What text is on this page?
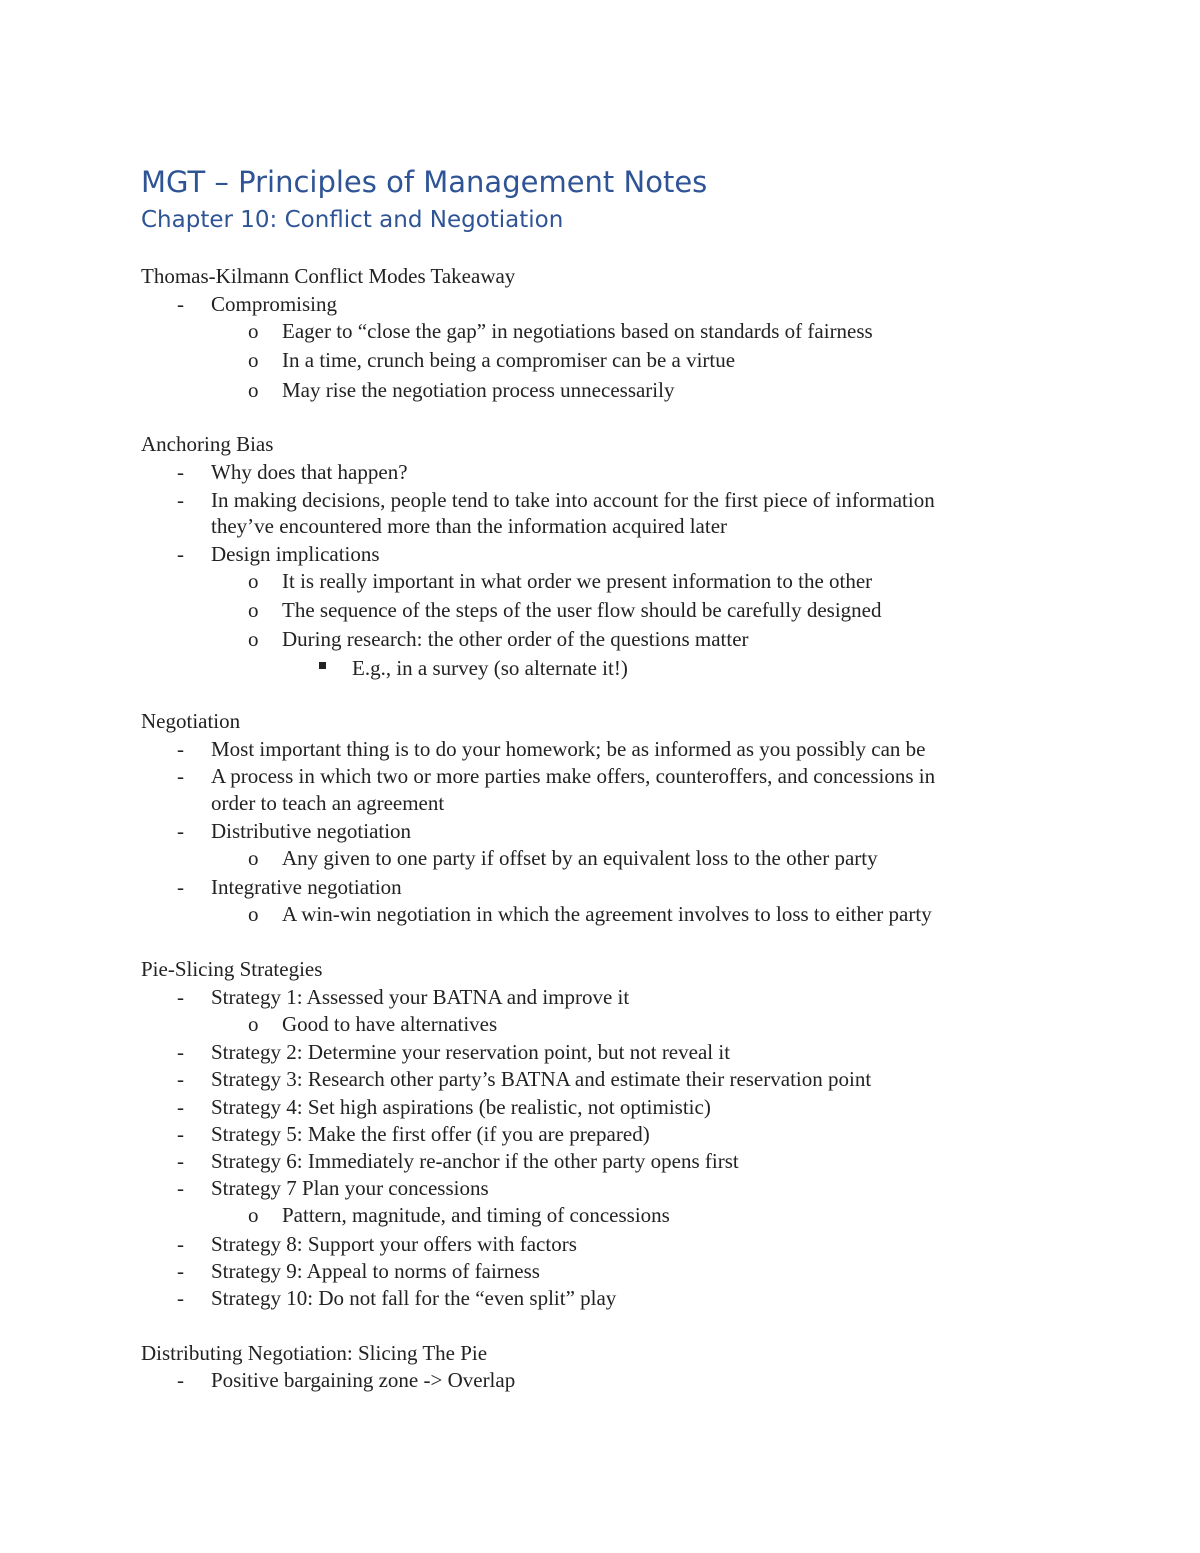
MGT – Principles of Management Notes
Chapter 10: Conflict and Negotiation
Thomas-Kilmann Conflict Modes Takeaway
- Compromising
o Eager to “close the gap” in negotiations based on standards of fairness
o In a time, crunch being a compromiser can be a virtue
o May rise the negotiation process unnecessarily
Anchoring Bias
- Why does that happen?
- In making decisions, people tend to take into account for the first piece of information
they’ve encountered more than the information acquired later
- Design implications
o It is really important in what order we present information to the other
o The sequence of the steps of the user flow should be carefully designed
o During research: the other order of the questions matter
E.g., in a survey (so alternate it!)
Negotiation
- Most important thing is to do your homework; be as informed as you possibly can be
- A process in which two or more parties make offers, counteroffers, and concessions in
order to teach an agreement
- Distributive negotiation
o Any given to one party if offset by an equivalent loss to the other party
- Integrative negotiation
o A win-win negotiation in which the agreement involves to loss to either party
Pie-Slicing Strategies
- Strategy 1: Assessed your BATNA and improve it
o Good to have alternatives
- Strategy 2: Determine your reservation point, but not reveal it
- Strategy 3: Research other party’s BATNA and estimate their reservation point
- Strategy 4: Set high aspirations (be realistic, not optimistic)
- Strategy 5: Make the first offer (if you are prepared)
- Strategy 6: Immediately re-anchor if the other party opens first
- Strategy 7 Plan your concessions
o Pattern, magnitude, and timing of concessions
- Strategy 8: Support your offers with factors
- Strategy 9: Appeal to norms of fairness
- Strategy 10: Do not fall for the “even split” play
Distributing Negotiation: Slicing The Pie
- Positive bargaining zone -> Overlap
